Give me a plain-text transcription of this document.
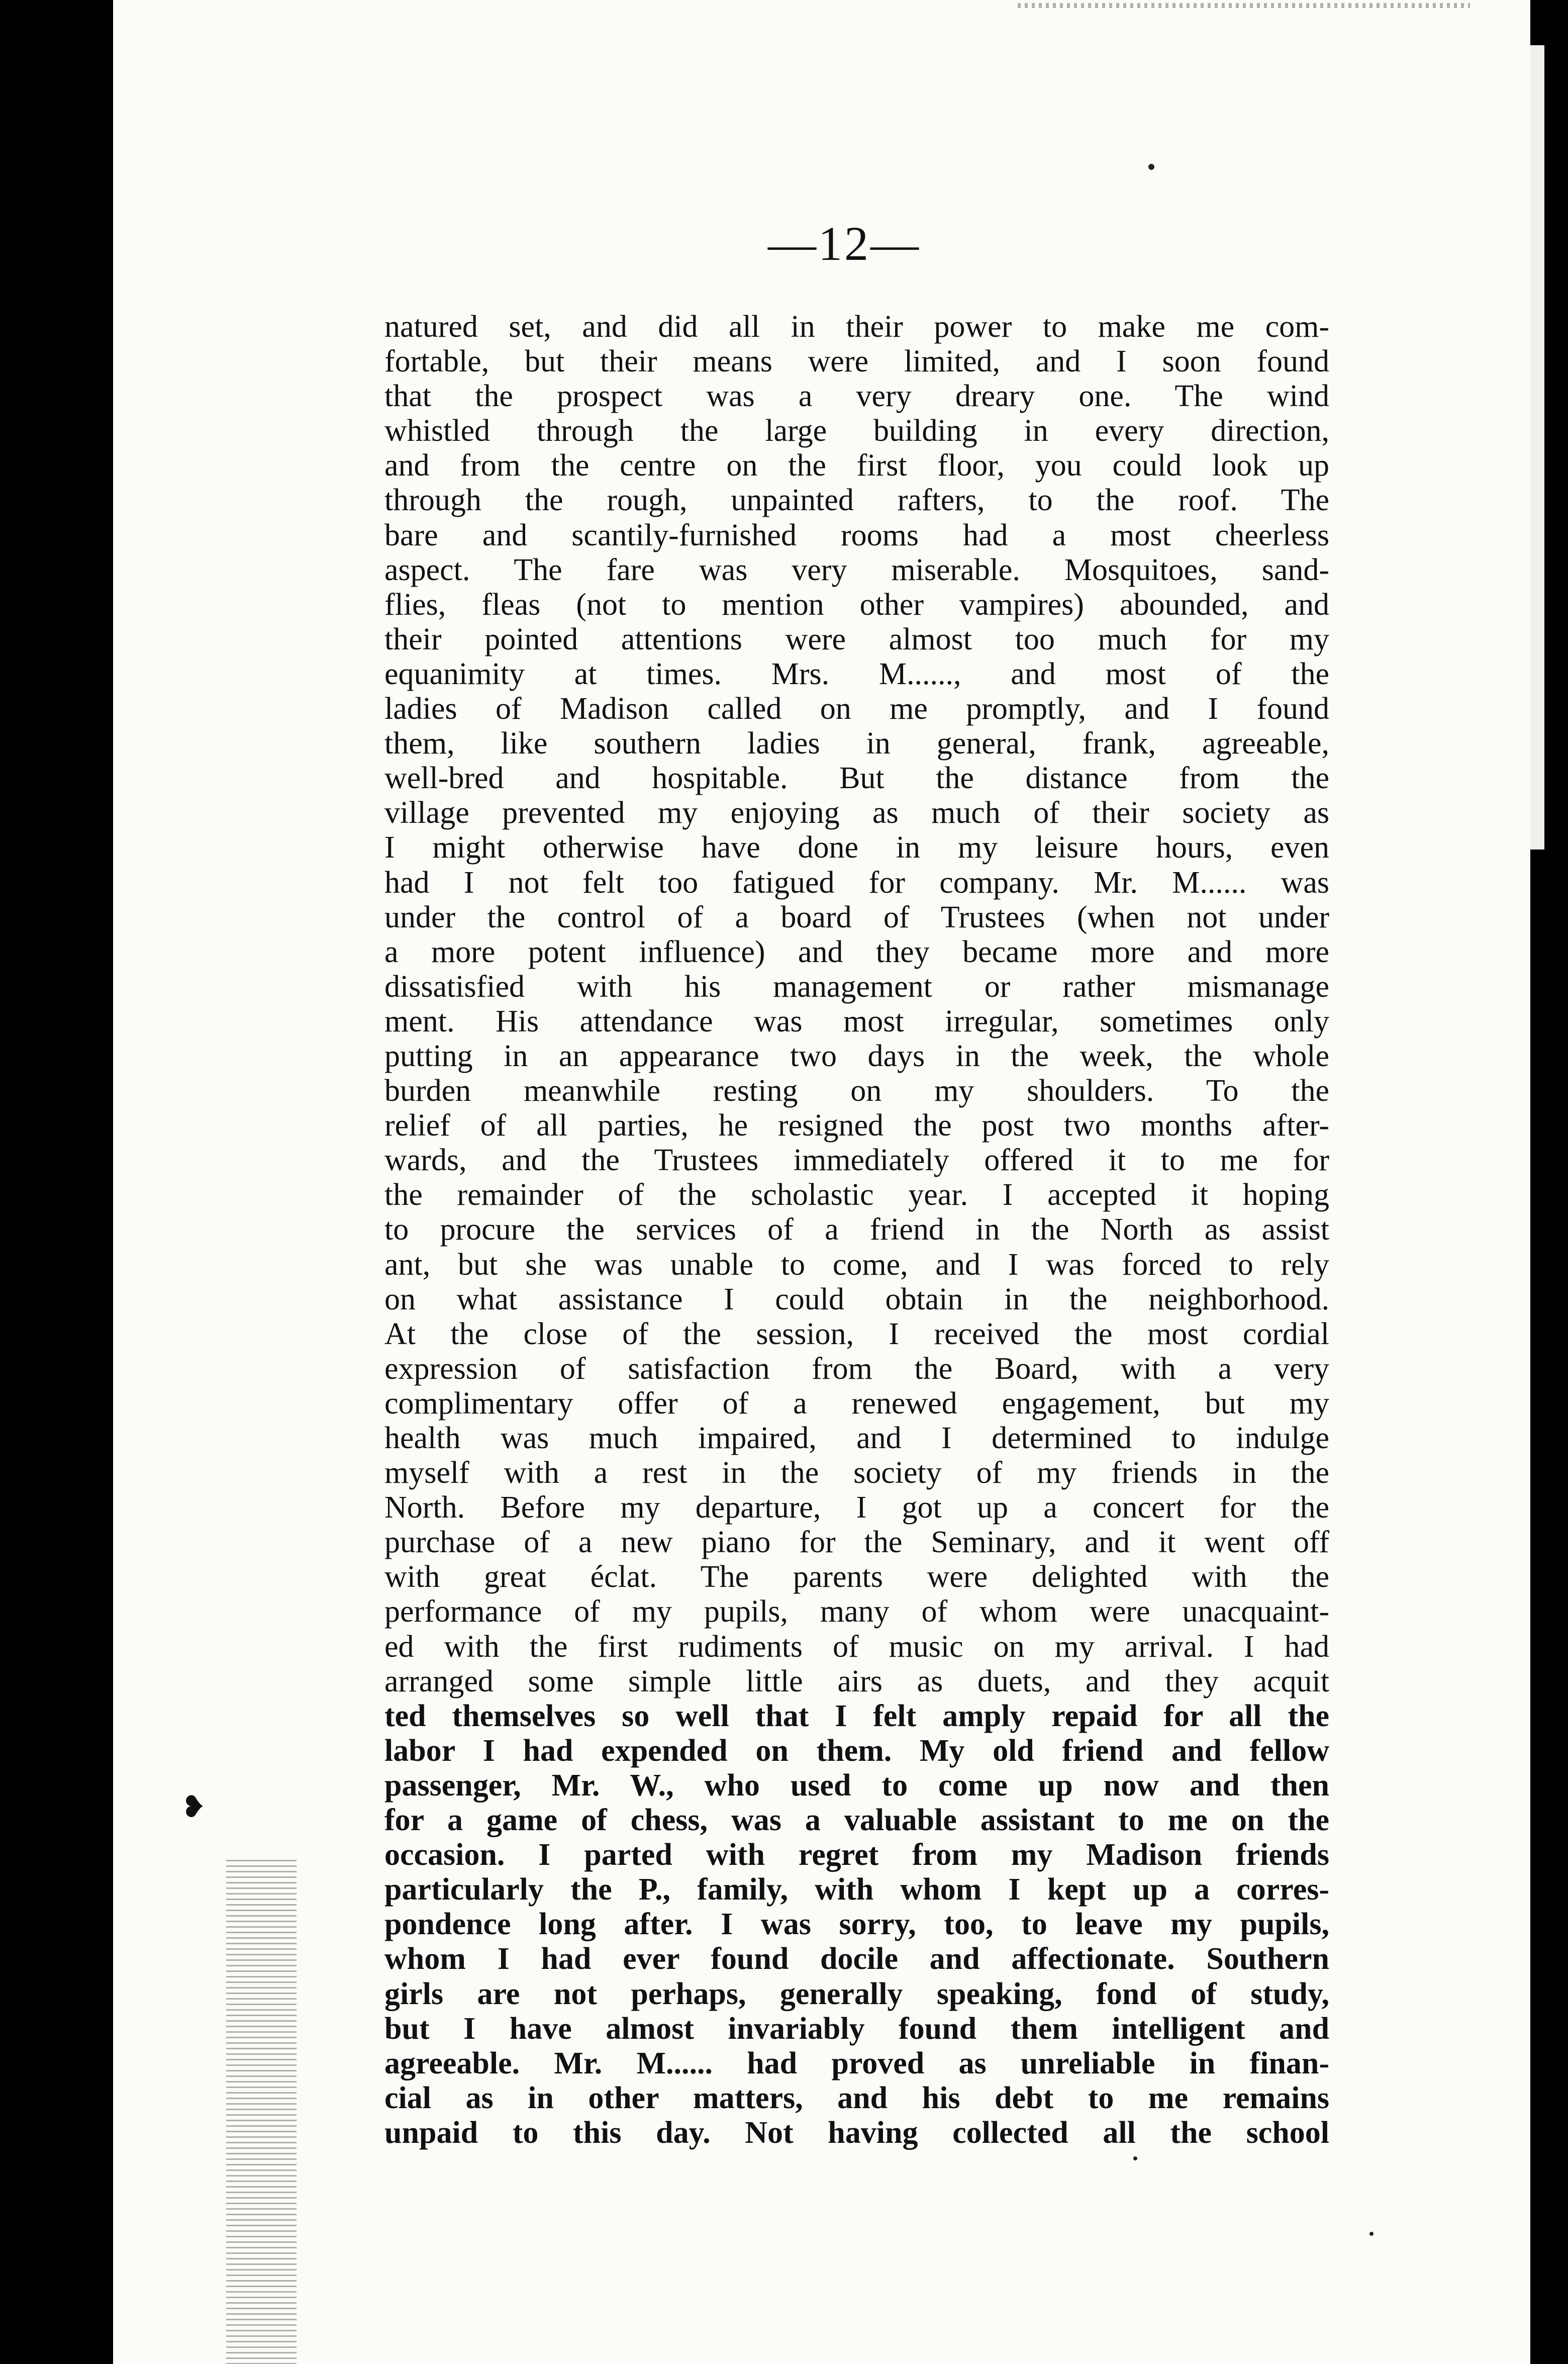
—12—
❥
natured set, and did all in their power to make me com-
fortable, but their means were limited, and I soon found
that the prospect was a very dreary one. The wind
whistled through the large building in every direction,
and from the centre on the first floor, you could look up
through the rough, unpainted rafters, to the roof. The
bare and scantily-furnished rooms had a most cheerless
aspect. The fare was very miserable. Mosquitoes, sand-
flies, fleas (not to mention other vampires) abounded, and
their pointed attentions were almost too much for my
equanimity at times. Mrs. M......, and most of the
ladies of Madison called on me promptly, and I found
them, like southern ladies in general, frank, agreeable,
well-bred and hospitable. But the distance from the
village prevented my enjoying as much of their society as
I might otherwise have done in my leisure hours, even
had I not felt too fatigued for company. Mr. M...... was
under the control of a board of Trustees (when not under
a more potent influence) and they became more and more
dissatisfied with his management or rather mismanage
ment. His attendance was most irregular, sometimes only
putting in an appearance two days in the week, the whole
burden meanwhile resting on my shoulders. To the
relief of all parties, he resigned the post two months after-
wards, and the Trustees immediately offered it to me for
the remainder of the scholastic year. I accepted it hoping
to procure the services of a friend in the North as assist
ant, but she was unable to come, and I was forced to rely
on what assistance I could obtain in the neighborhood.
At the close of the session, I received the most cordial
expression of satisfaction from the Board, with a very
complimentary offer of a renewed engagement, but my
health was much impaired, and I determined to indulge
myself with a rest in the society of my friends in the
North. Before my departure, I got up a concert for the
purchase of a new piano for the Seminary, and it went off
with great éclat. The parents were delighted with the
performance of my pupils, many of whom were unacquaint-
ed with the first rudiments of music on my arrival. I had
arranged some simple little airs as duets, and they acquit
ted themselves so well that I felt amply repaid for all the
labor I had expended on them. My old friend and fellow
passenger, Mr. W., who used to come up now and then
for a game of chess, was a valuable assistant to me on the
occasion. I parted with regret from my Madison friends
particularly the P., family, with whom I kept up a corres-
pondence long after. I was sorry, too, to leave my pupils,
whom I had ever found docile and affectionate. Southern
girls are not perhaps, generally speaking, fond of study,
but I have almost invariably found them intelligent and
agreeable. Mr. M...... had proved as unreliable in finan-
cial as in other matters, and his debt to me remains
unpaid to this day. Not having collected all the school
